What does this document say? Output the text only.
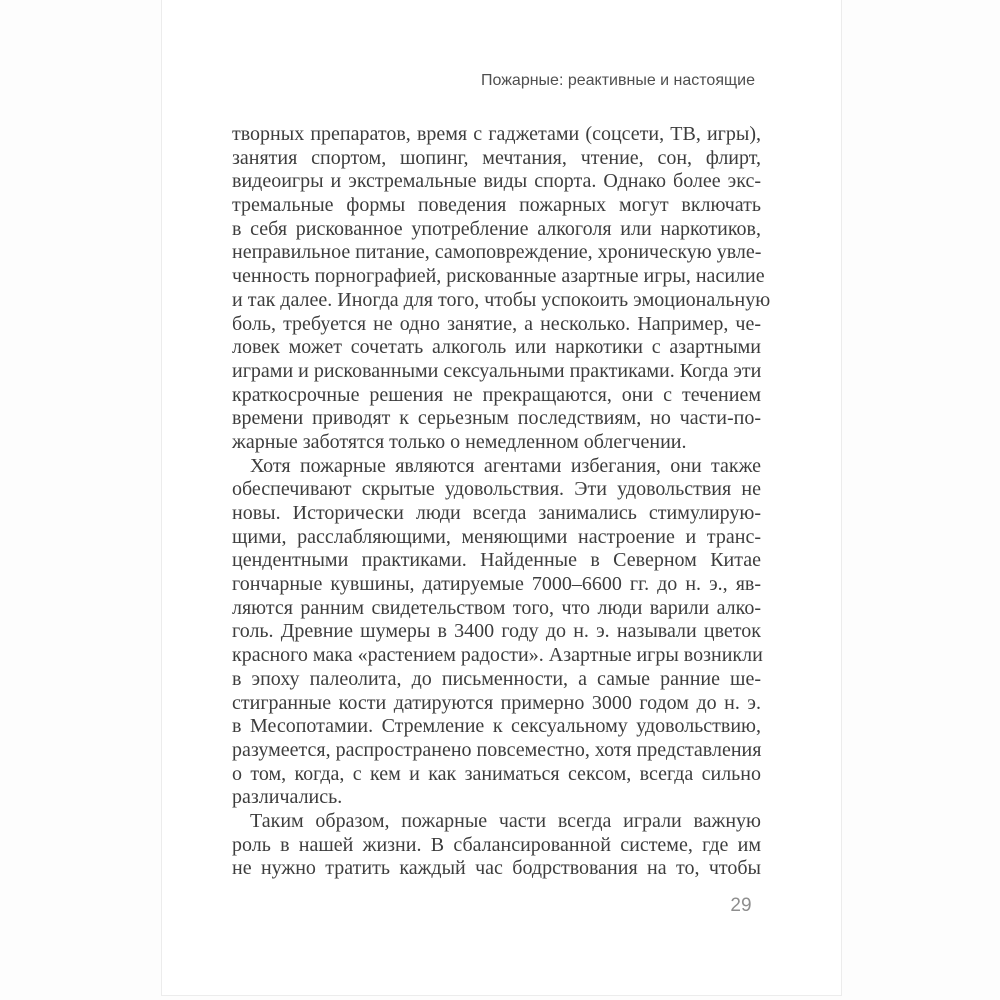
Пожарные: реактивные и настоящие
творных препаратов, время с гаджетами (соцсети, ТВ, игры),
занятия спортом, шопинг, мечтания, чтение, сон, флирт,
видеоигры и экстремальные виды спорта. Однако более экс-
тремальные формы поведения пожарных могут включать
в себя рискованное употребление алкоголя или наркотиков,
неправильное питание, самоповреждение, хроническую увле-
ченность порнографией, рискованные азартные игры, насилие
и так далее. Иногда для того, чтобы успокоить эмоциональную
боль, требуется не одно занятие, а несколько. Например, че-
ловек может сочетать алкоголь или наркотики с азартными
играми и рискованными сексуальными практиками. Когда эти
краткосрочные решения не прекращаются, они с течением
времени приводят к серьезным последствиям, но части-по-
жарные заботятся только о немедленном облегчении.
Хотя пожарные являются агентами избегания, они также
обеспечивают скрытые удовольствия. Эти удовольствия не
новы. Исторически люди всегда занимались стимулирую-
щими, расслабляющими, меняющими настроение и транс-
цендентными практиками. Найденные в Северном Китае
гончарные кувшины, датируемые 7000–6600 гг. до н. э., яв-
ляются ранним свидетельством того, что люди варили алко-
голь. Древние шумеры в 3400 году до н. э. называли цветок
красного мака «растением радости». Азартные игры возникли
в эпоху палеолита, до письменности, а самые ранние ше-
стигранные кости датируются примерно 3000 годом до н. э.
в Месопотамии. Стремление к сексуальному удовольствию,
разумеется, распространено повсеместно, хотя представления
о том, когда, с кем и как заниматься сексом, всегда сильно
различались.
Таким образом, пожарные части всегда играли важную
роль в нашей жизни. В сбалансированной системе, где им
не нужно тратить каждый час бодрствования на то, чтобы
29
